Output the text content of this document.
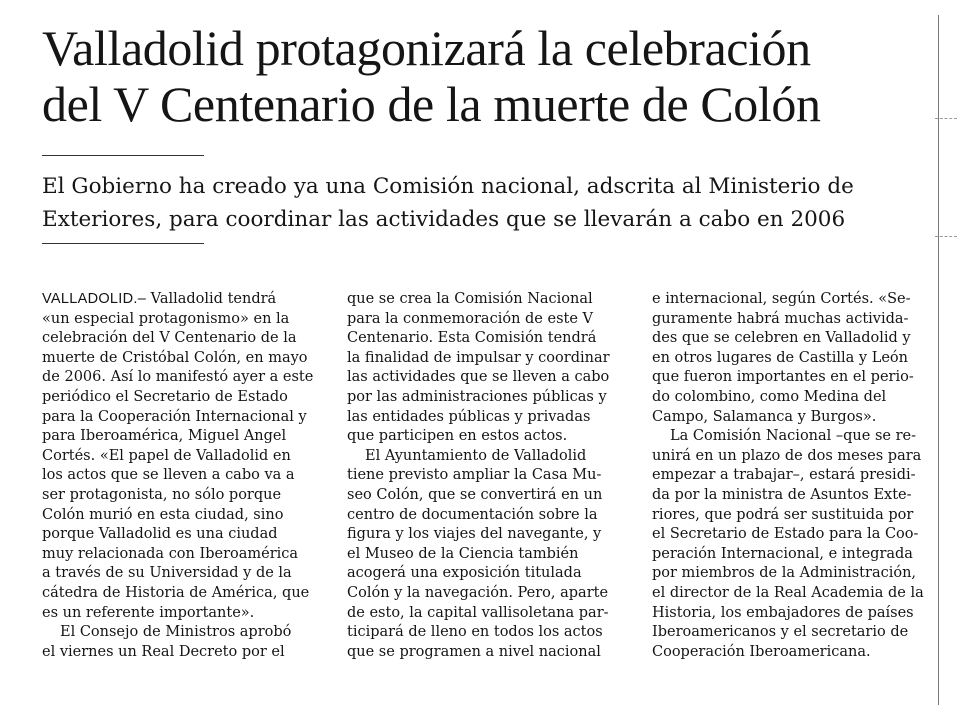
Valladolid protagonizará la celebración
del V Centenario de la muerte de Colón
El Gobierno ha creado ya una Comisión nacional, adscrita al Ministerio de
Exteriores, para coordinar las actividades que se llevarán a cabo en 2006
VALLADOLID.– Valladolid tendrá
«un especial protagonismo» en la
celebración del V Centenario de la
muerte de Cristóbal Colón, en mayo
de 2006. Así lo manifestó ayer a este
periódico el Secretario de Estado
para la Cooperación Internacional y
para Iberoamérica, Miguel Angel
Cortés. «El papel de Valladolid en
los actos que se lleven a cabo va a
ser protagonista, no sólo porque
Colón murió en esta ciudad, sino
porque Valladolid es una ciudad
muy relacionada con Iberoamérica
a través de su Universidad y de la
cátedra de Historia de América, que
es un referente importante».
El Consejo de Ministros aprobó
el viernes un Real Decreto por el
que se crea la Comisión Nacional
para la conmemoración de este V
Centenario. Esta Comisión tendrá
la finalidad de impulsar y coordinar
las actividades que se lleven a cabo
por las administraciones públicas y
las entidades públicas y privadas
que participen en estos actos.
El Ayuntamiento de Valladolid
tiene previsto ampliar la Casa Mu-
seo Colón, que se convertirá en un
centro de documentación sobre la
figura y los viajes del navegante, y
el Museo de la Ciencia también
acogerá una exposición titulada
Colón y la navegación. Pero, aparte
de esto, la capital vallisoletana par-
ticipará de lleno en todos los actos
que se programen a nivel nacional
e internacional, según Cortés. «Se-
guramente habrá muchas activida-
des que se celebren en Valladolid y
en otros lugares de Castilla y León
que fueron importantes en el perio-
do colombino, como Medina del
Campo, Salamanca y Burgos».
La Comisión Nacional –que se re-
unirá en un plazo de dos meses para
empezar a trabajar–, estará presidi-
da por la ministra de Asuntos Exte-
riores, que podrá ser sustituida por
el Secretario de Estado para la Coo-
peración Internacional, e integrada
por miembros de la Administración,
el director de la Real Academia de la
Historia, los embajadores de países
Iberoamericanos y el secretario de
Cooperación Iberoamericana.
